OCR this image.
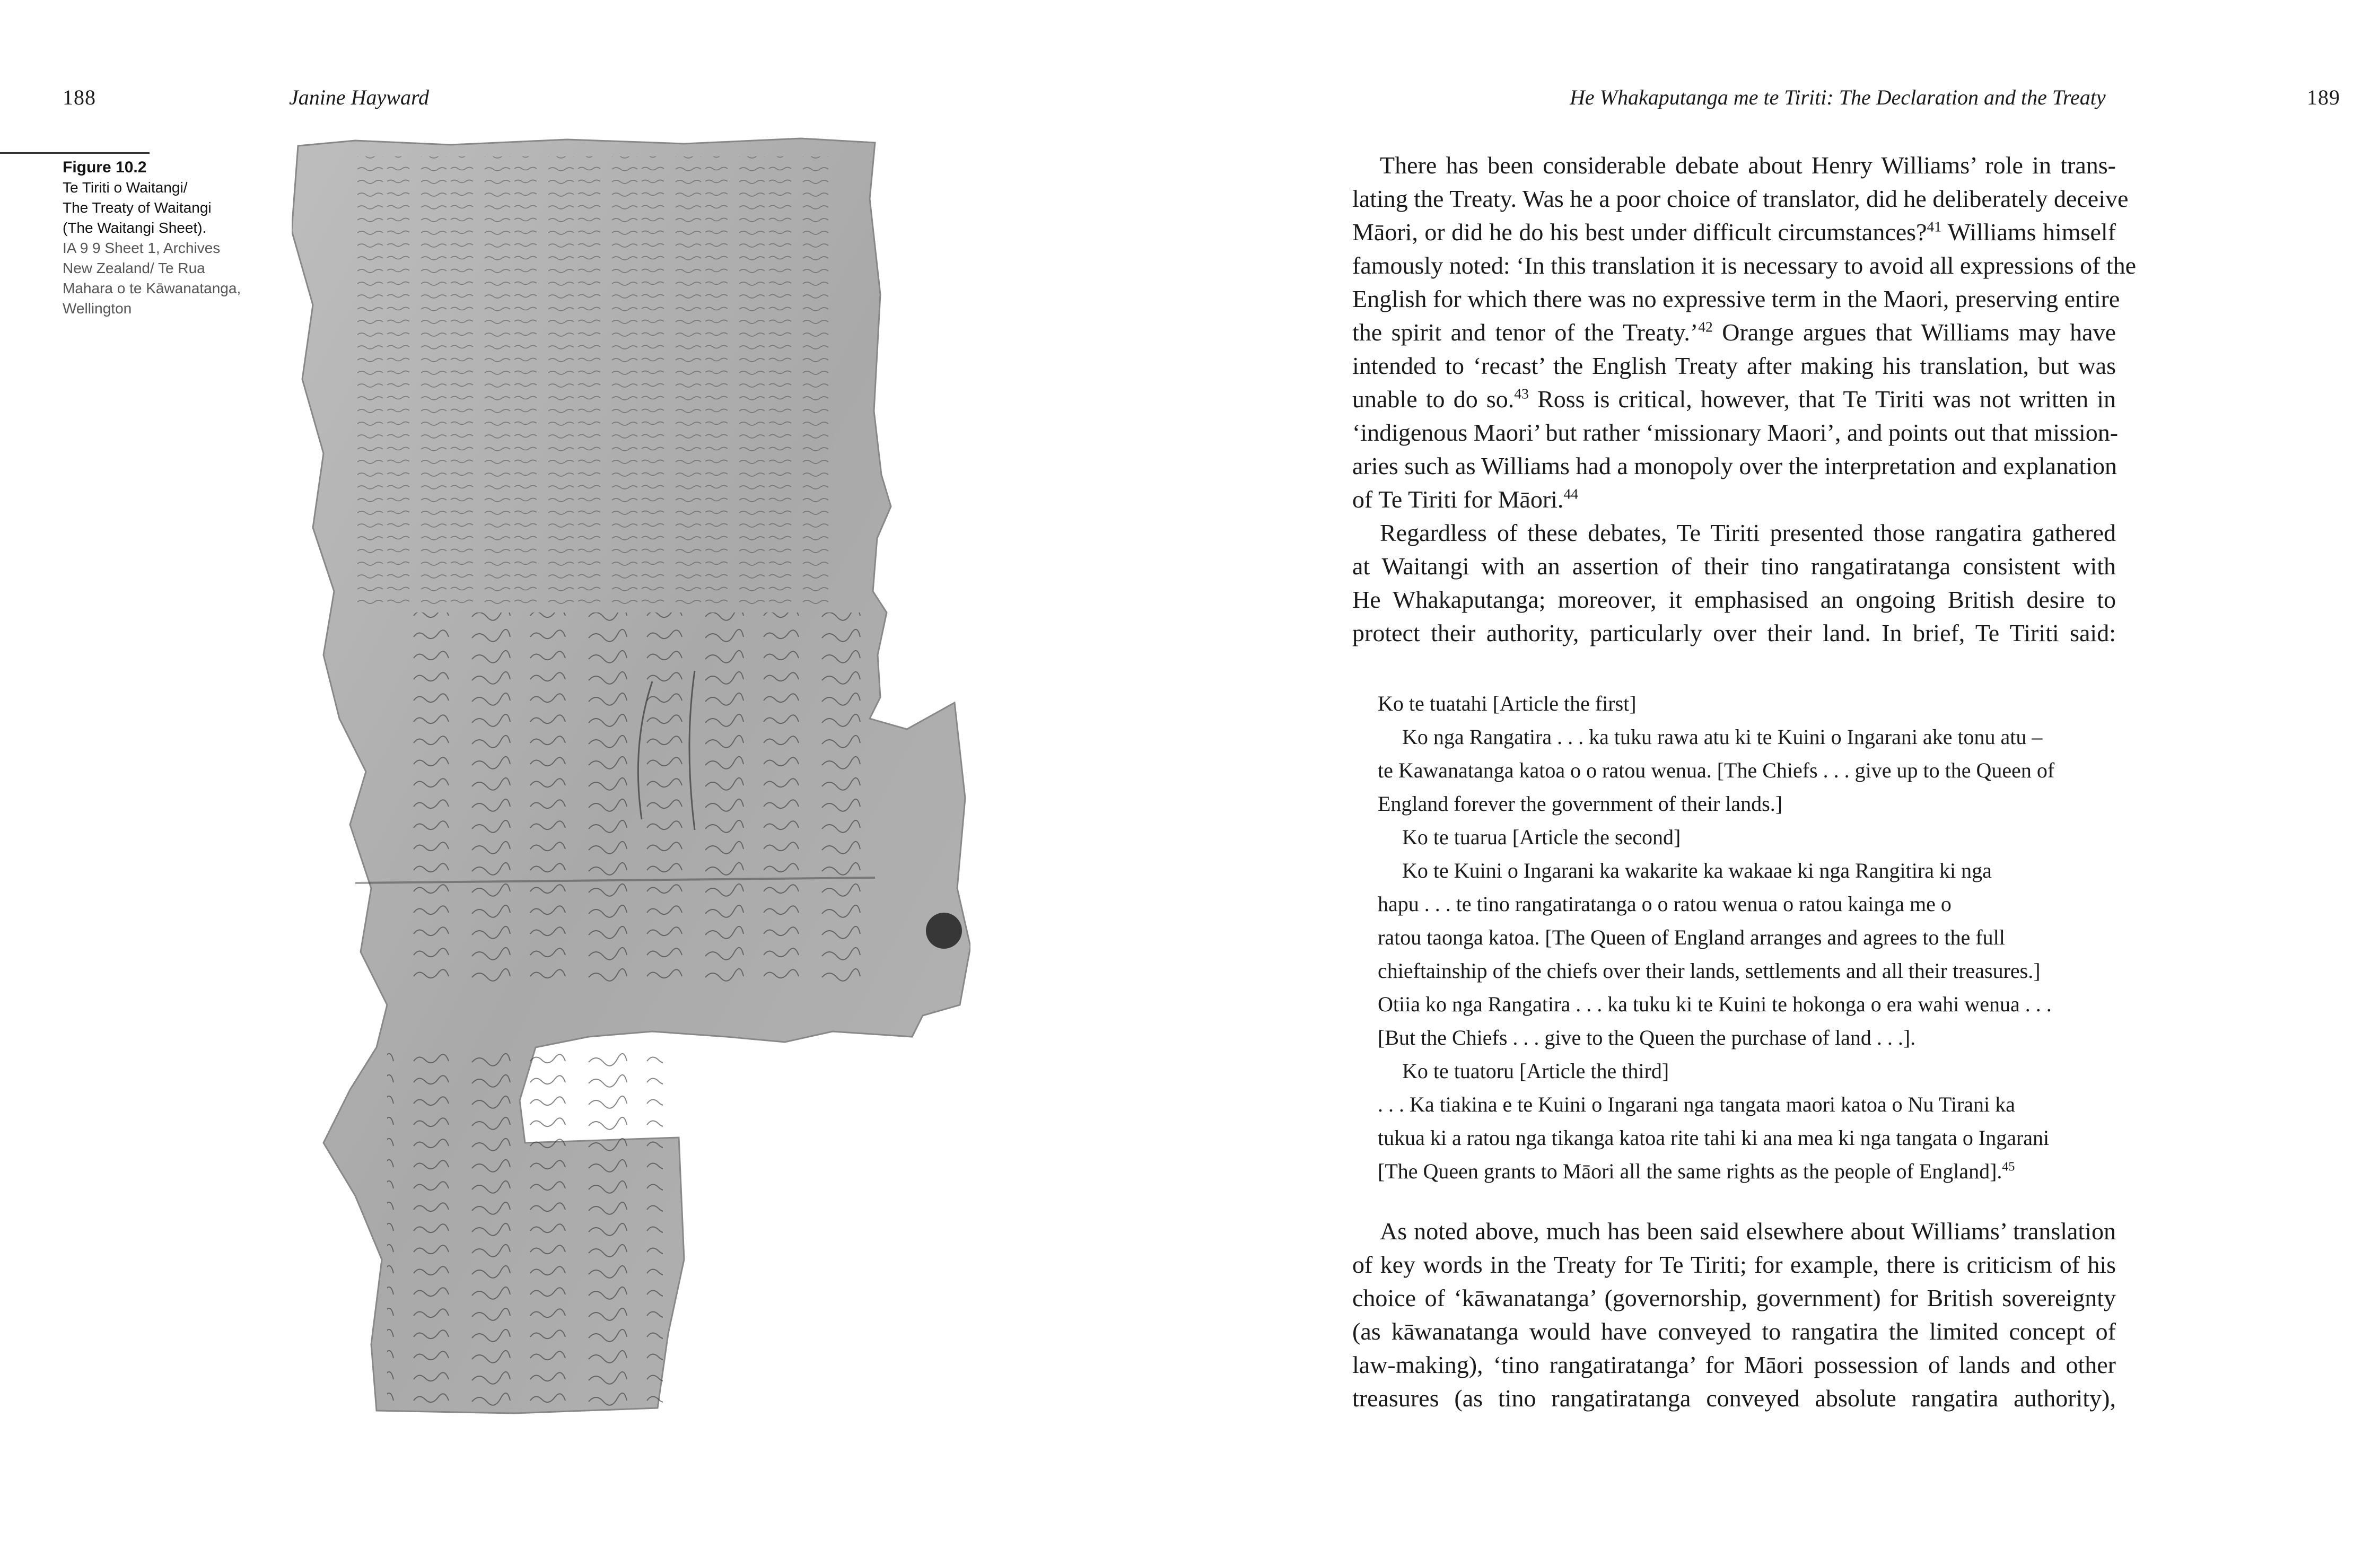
188	Janine Hayward
Figure 10.2
Te Tiriti o Waitangi/
The Treaty of Waitangi
(The Waitangi Sheet).
IA 9 9 Sheet 1, Archives
New Zealand/ Te Rua
Mahara o te Kāwanatanga,
Wellington
He Whakaputanga me te Tiriti: The Declaration and the Treaty	189
There has been considerable debate about Henry Williams’ role in trans-
lating the Treaty. Was he a poor choice of translator, did he deliberately deceive
Māori, or did he do his best under difficult circumstances?$^{41}$ Williams himself
famously noted: ‘In this translation it is necessary to avoid all expressions of the
English for which there was no expressive term in the Maori, preserving entire
the spirit and tenor of the Treaty.’$^{42}$ Orange argues that Williams may have
intended to ‘recast’ the English Treaty after making his translation, but was
unable to do so.$^{43}$ Ross is critical, however, that Te Tiriti was not written in
‘indigenous Maori’ but rather ‘missionary Maori’, and points out that mission-
aries such as Williams had a monopoly over the interpretation and explanation
of Te Tiriti for Māori.$^{44}$
Regardless of these debates, Te Tiriti presented those rangatira gathered
at Waitangi with an assertion of their tino rangatiratanga consistent with
He Whakaputanga; moreover, it emphasised an ongoing British desire to
protect their authority, particularly over their land. In brief, Te Tiriti said:
Ko te tuatahi [Article the first]
Ko nga Rangatira . . . ka tuku rawa atu ki te Kuini o Ingarani ake tonu atu –
te Kawanatanga katoa o o ratou wenua. [The Chiefs . . . give up to the Queen of
England forever the government of their lands.]
Ko te tuarua [Article the second]
Ko te Kuini o Ingarani ka wakarite ka wakaae ki nga Rangitira ki nga
hapu . . . te tino rangatiratanga o o ratou wenua o ratou kainga me o
ratou taonga katoa. [The Queen of England arranges and agrees to the full
chieftainship of the chiefs over their lands, settlements and all their treasures.]
Otiia ko nga Rangatira . . . ka tuku ki te Kuini te hokonga o era wahi wenua . . .
[But the Chiefs . . . give to the Queen the purchase of land . . .].
Ko te tuatoru [Article the third]
. . . Ka tiakina e te Kuini o Ingarani nga tangata maori katoa o Nu Tirani ka
tukua ki a ratou nga tikanga katoa rite tahi ki ana mea ki nga tangata o Ingarani
[The Queen grants to Māori all the same rights as the people of England].$^{45}$
As noted above, much has been said elsewhere about Williams’ translation
of key words in the Treaty for Te Tiriti; for example, there is criticism of his
choice of ‘kāwanatanga’ (governorship, government) for British sovereignty
(as kāwanatanga would have conveyed to rangatira the limited concept of
law-making), ‘tino rangatiratanga’ for Māori possession of lands and other
treasures (as tino rangatiratanga conveyed absolute rangatira authority),
